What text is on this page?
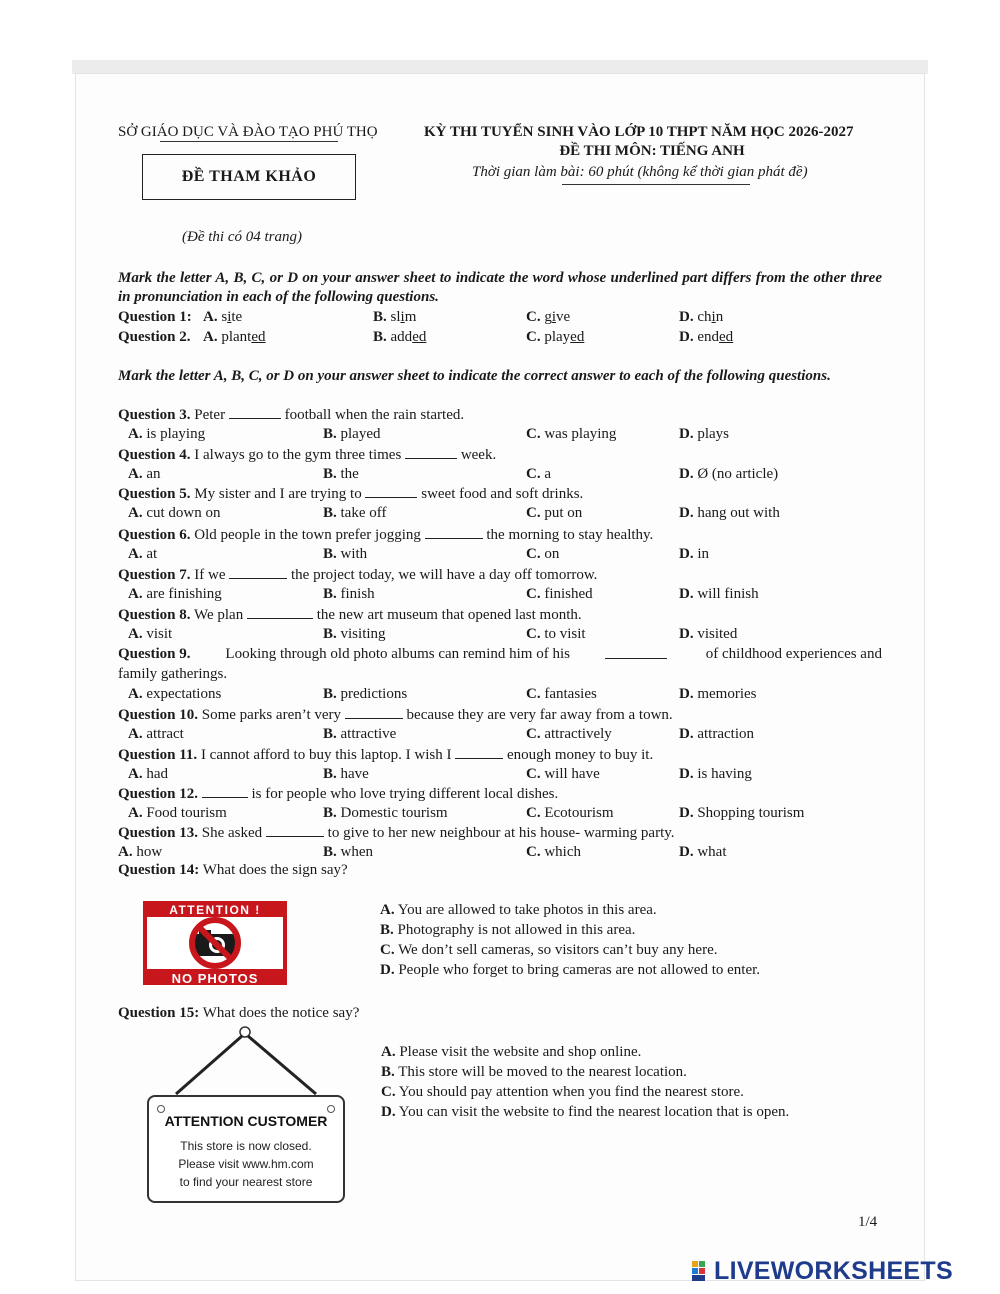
SỞ GIÁO DỤC VÀ ĐÀO TẠO PHÚ THỌ	KỲ THI TUYỂN SINH VÀO LỚP 10 THPT NĂM HỌC 2026-2027
ĐỀ THI MÔN: TIẾNG ANH
ĐỀ THAM KHẢO	Thời gian làm bài: 60 phút (không kể thời gian phát đề)
(Đề thi có 04 trang)
Mark the letter A, B, C, or D on your answer sheet to indicate the word whose underlined part differs from the other three in pronunciation in each of the following questions.
Question 1: A. site	B. slim	C. give	D. chin
Question 2. A. planted	B. added	C. played	D. ended
Mark the letter A, B, C, or D on your answer sheet to indicate the correct answer to each of the following questions.
Question 3. Peter	football when the rain started.
A. is playing	B. played	C. was playing	D. plays
Question 4. I always go to the gym three times	week.
A. an	B. the	C. a	D. Ø (no article)
Question 5. My sister and I are trying to	sweet food and soft drinks.
A. cut down on	B. take off	C. put on	D. hang out with
Question 6. Old people in the town prefer jogging	the morning to stay healthy.
A. at	B. with	C. on	D. in
Question 7. If we	the project today, we will have a day off tomorrow.
A. are finishing	B. finish	C. finished	D. will finish
Question 8. We plan	the new art museum that opened last month.
A. visit	B. visiting	C. to visit	D. visited
Question 9. Looking through old photo albums can remind him of his	of childhood experiences and
family gatherings.
A. expectations	B. predictions	C. fantasies	D. memories
Question 10. Some parks aren’t very	because they are very far away from a town.
A. attract	B. attractive	C. attractively	D. attraction
Question 11. I cannot afford to buy this laptop. I wish I	enough money to buy it.
A. had	B. have	C. will have	D. is having
Question 12.	is for people who love trying different local dishes.
A. Food tourism	B. Domestic tourism	C. Ecotourism	D. Shopping tourism
Question 13. She asked	to give to her new neighbour at his house- warming party.
A. how	B. when	C. which	D. what
Question 14: What does the sign say?
ATTENTION !
NO PHOTOS
A. You are allowed to take photos in this area.
B. Photography is not allowed in this area.
C. We don’t sell cameras, so visitors can’t buy any here.
D. People who forget to bring cameras are not allowed to enter.
Question 15: What does the notice say?
ATTENTION CUSTOMER
This store is now closed.
Please visit www.hm.com
to find your nearest store
A. Please visit the website and shop online.
B. This store will be moved to the nearest location.
C. You should pay attention when you find the nearest store.
D. You can visit the website to find the nearest location that is open.
1/4
LIVEWORKSHEETS
